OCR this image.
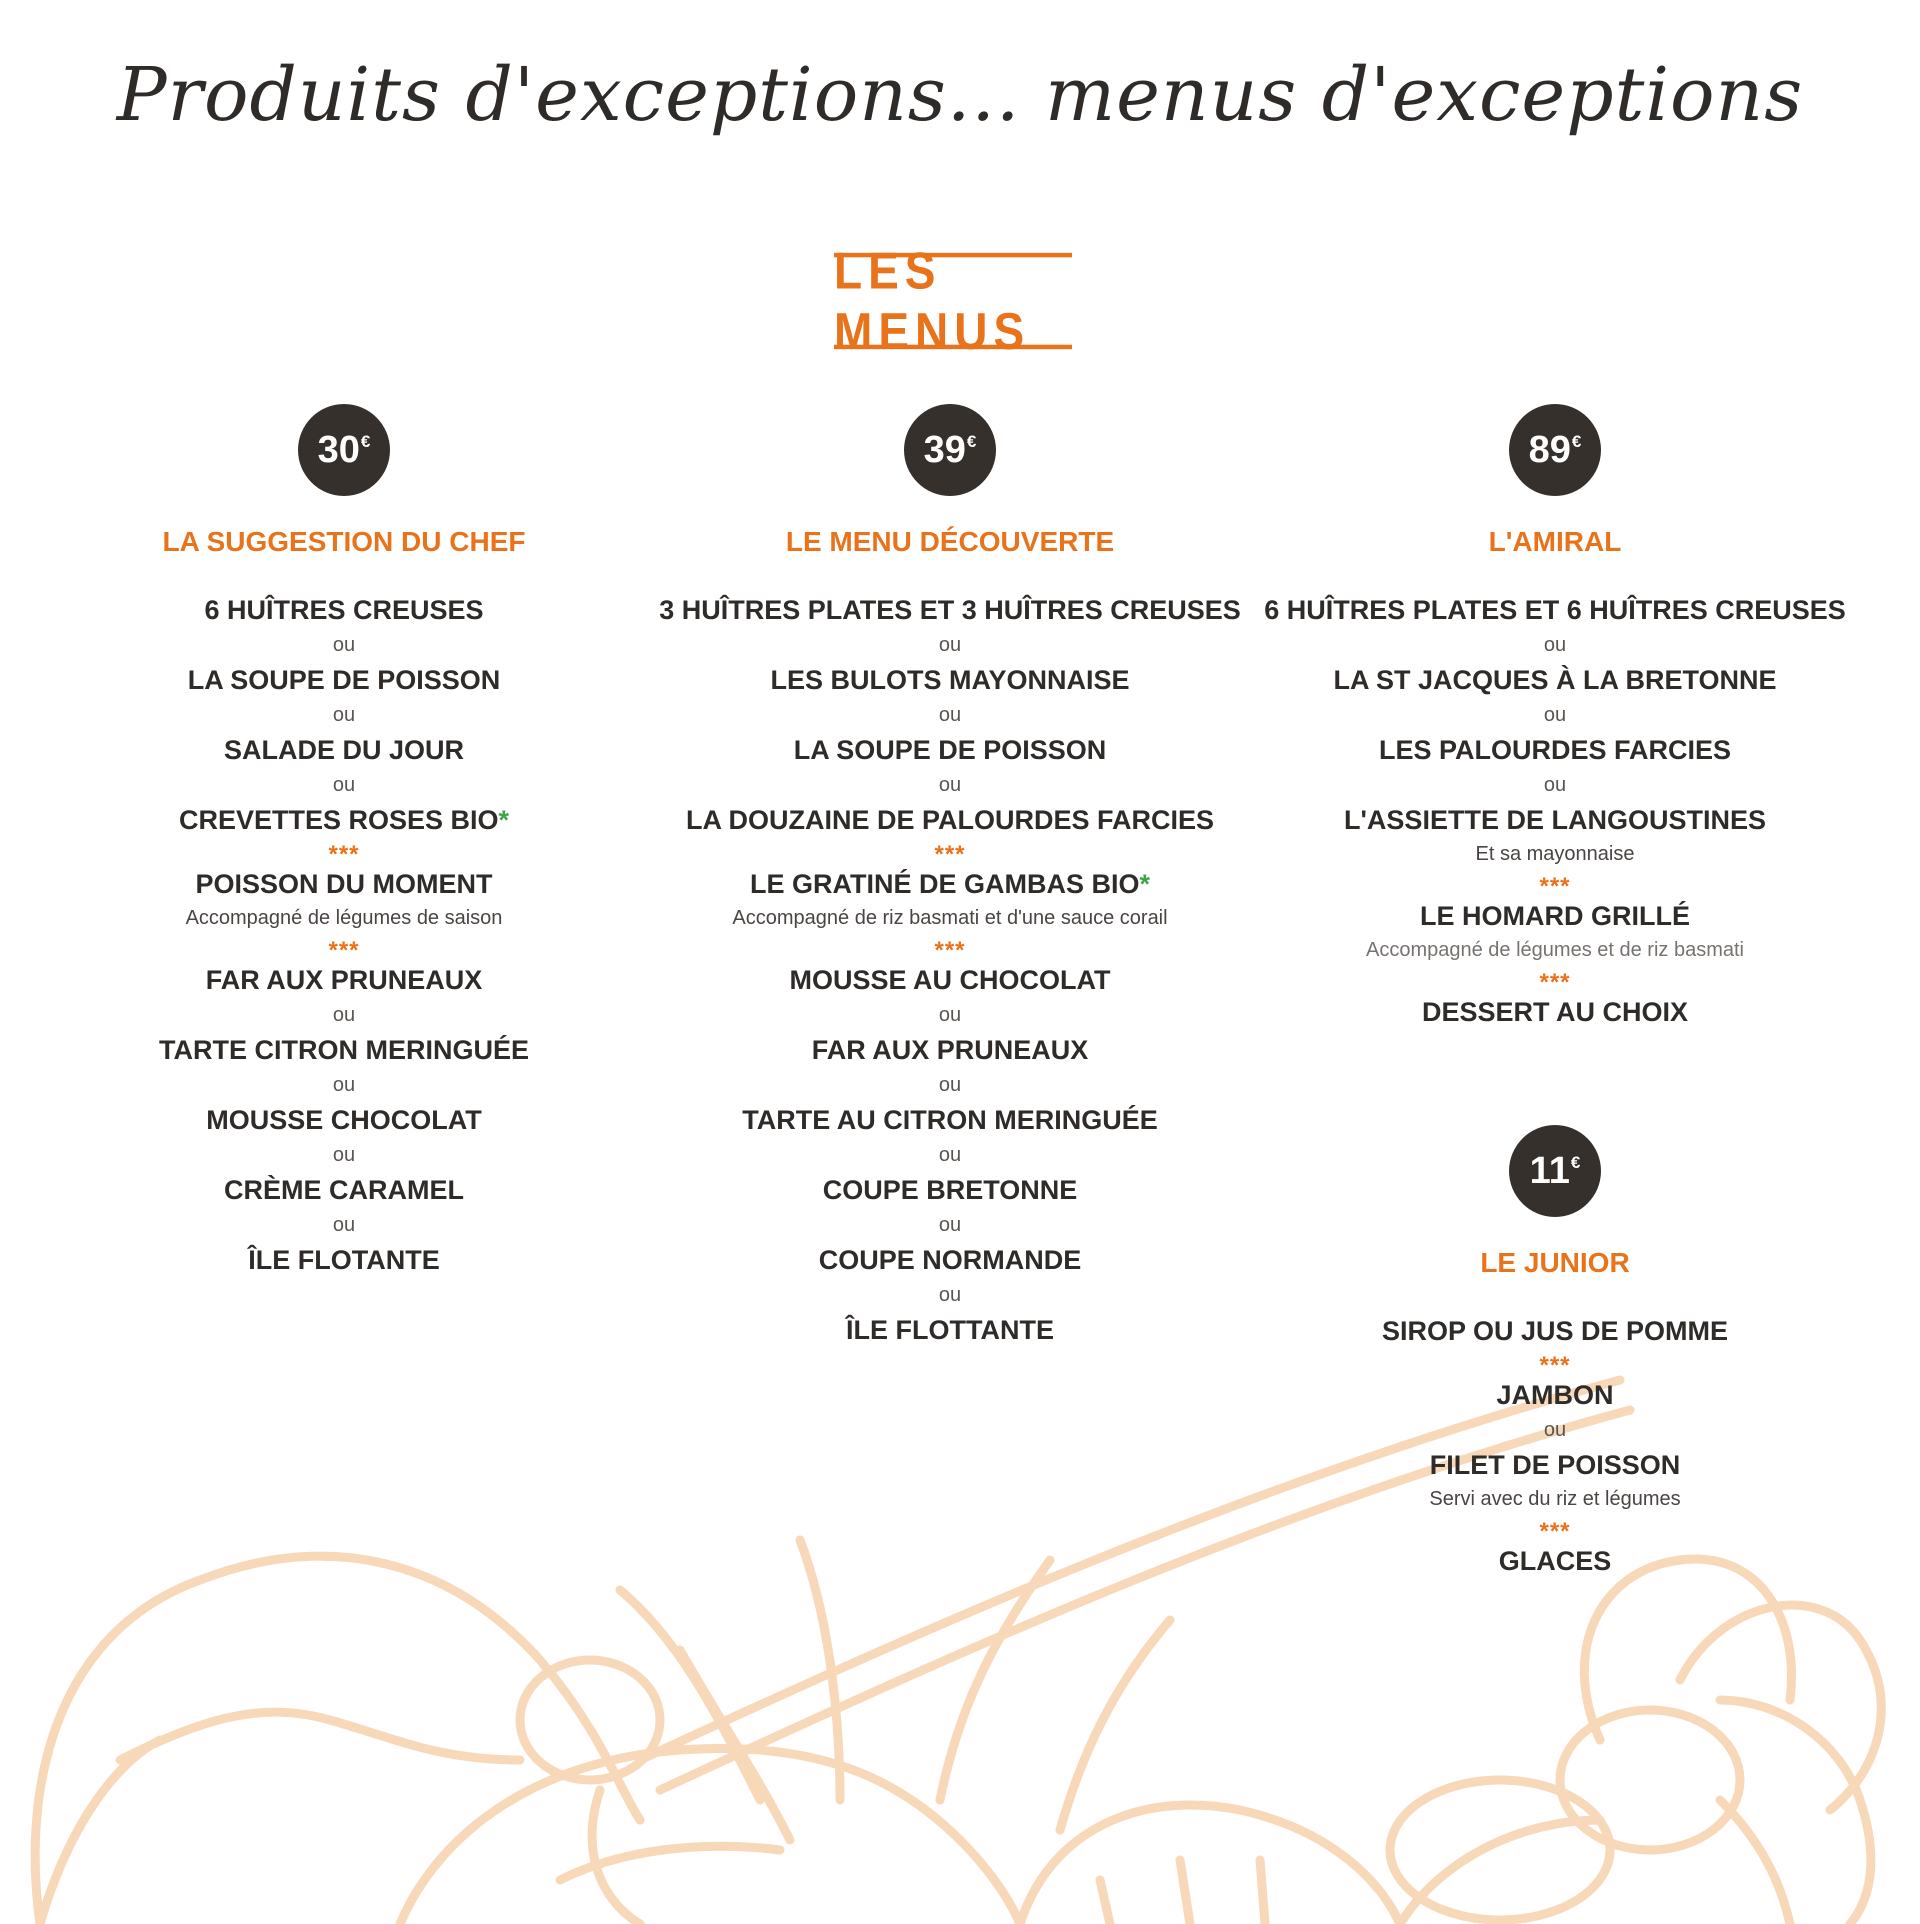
Produits d'exceptions... menus d'exceptions
LES MENUS
30 €
LA SUGGESTION DU CHEF
6 HUÎTRES CREUSES
ou
LA SOUPE DE POISSON
ou
SALADE DU JOUR
ou
CREVETTES ROSES BIO*
***
POISSON DU MOMENT
Accompagné de légumes de saison
***
FAR AUX PRUNEAUX
ou
TARTE CITRON MERINGUÉE
ou
MOUSSE CHOCOLAT
ou
CRÈME CARAMEL
ou
ÎLE FLOTANTE
39 €
LE MENU DÉCOUVERTE
3 HUÎTRES PLATES ET 3 HUÎTRES CREUSES
ou
LES BULOTS MAYONNAISE
ou
LA SOUPE DE POISSON
ou
LA DOUZAINE DE PALOURDES FARCIES
***
LE GRATINÉ DE GAMBAS BIO*
Accompagné de riz basmati et d'une sauce corail
***
MOUSSE AU CHOCOLAT
ou
FAR AUX PRUNEAUX
ou
TARTE AU CITRON MERINGUÉE
ou
COUPE BRETONNE
ou
COUPE NORMANDE
ou
ÎLE FLOTTANTE
89 €
L'AMIRAL
6 HUÎTRES PLATES ET 6 HUÎTRES CREUSES
ou
LA ST JACQUES À LA BRETONNE
ou
LES PALOURDES FARCIES
ou
L'ASSIETTE DE LANGOUSTINES
Et sa mayonnaise
***
LE HOMARD GRILLÉ
Accompagné de légumes et de riz basmati
***
DESSERT AU CHOIX
11 €
LE JUNIOR
SIROP OU JUS DE POMME
***
JAMBON
ou
FILET DE POISSON
Servi avec du riz et légumes
***
GLACES
